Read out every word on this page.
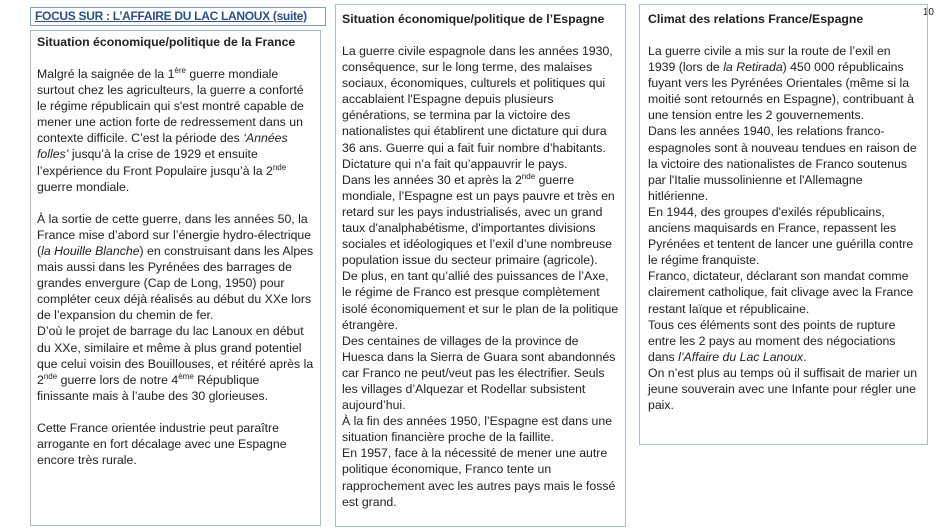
FOCUS SUR : L’AFFAIRE DU LAC LANOUX (suite)	10
Situation économique/politique de la France

Malgré la saignée de la 1ère guerre mondiale surtout chez les agriculteurs, la guerre a conforté le régime républicain qui s'est montré capable de mener une action forte de redressement dans un contexte difficile. C’est la période des ‘Années folles’ jusqu’à la crise de 1929 et ensuite l’expérience du Front Populaire jusqu’à la 2nde guerre mondiale.

À la sortie de cette guerre, dans les années 50, la France mise d’abord sur l’énergie hydro-électrique (la Houille Blanche) en construisant dans les Alpes mais aussi dans les Pyrénées des barrages de grandes envergure (Cap de Long, 1950) pour compléter ceux déjà réalisés au début du XXe lors de l’expansion du chemin de fer.

D’où le projet de barrage du lac Lanoux en début du XXe, similaire et même à plus grand potentiel que celui voisin des Bouillouses, et réitéré après la 2nde guerre lors de notre 4ème République finissante mais à l’aube des 30 glorieuses.

Cette France orientée industrie peut paraître arrogante en fort décalage avec une Espagne encore très rurale.

Situation économique/politique de l’Espagne

La guerre civile espagnole dans les années 1930, conséquence, sur le long terme, des malaises sociaux, économiques, culturels et politiques qui accablaient l'Espagne depuis plusieurs générations, se termina par la victoire des nationalistes qui établirent une dictature qui dura 36 ans. Guerre qui a fait fuir nombre d’habitants. Dictature qui n’a fait qu’appauvrir le pays.

Dans les années 30 et après la 2nde guerre mondiale, l’Espagne est un pays pauvre et très en retard sur les pays industrialisés, avec un grand taux d'analphabétisme, d'importantes divisions sociales et idéologiques et l’exil d’une nombreuse population issue du secteur primaire (agricole).

De plus, en tant qu’allié des puissances de l’Axe, le régime de Franco est presque complètement isolé économiquement et sur le plan de la politique étrangère.

Des centaines de villages de la province de Huesca dans la Sierra de Guara sont abandonnés car Franco ne peut/veut pas les électrifier. Seuls les villages d’Alquezar et Rodellar subsistent aujourd’hui.

À la fin des années 1950, l’Espagne est dans une situation financière proche de la faillite.

En 1957, face à la nécessité de mener une autre politique économique, Franco tente un rapprochement avec les autres pays mais le fossé est grand.

Climat des relations France/Espagne

La guerre civile a mis sur la route de l’exil en 1939 (lors de la Retirada) 450 000 républicains fuyant vers les Pyrénées Orientales (même si la moitié sont retournés en Espagne), contribuant à une tension entre les 2 gouvernements.

Dans les années 1940, les relations franco-espagnoles sont à nouveau tendues en raison de la victoire des nationalistes de Franco soutenus par l'Italie mussolinienne et l'Allemagne hitlérienne.

En 1944, des groupes d'exilés républicains, anciens maquisards en France, repassent les Pyrénées et tentent de lancer une guérilla contre le régime franquiste.

Franco, dictateur, déclarant son mandat comme clairement catholique, fait clivage avec la France restant laïque et républicaine.

Tous ces éléments sont des points de rupture entre les 2 pays au moment des négociations dans l’Affaire du Lac Lanoux.

On n’est plus au temps où il suffisait de marier un jeune souverain avec une Infante pour régler une paix.
